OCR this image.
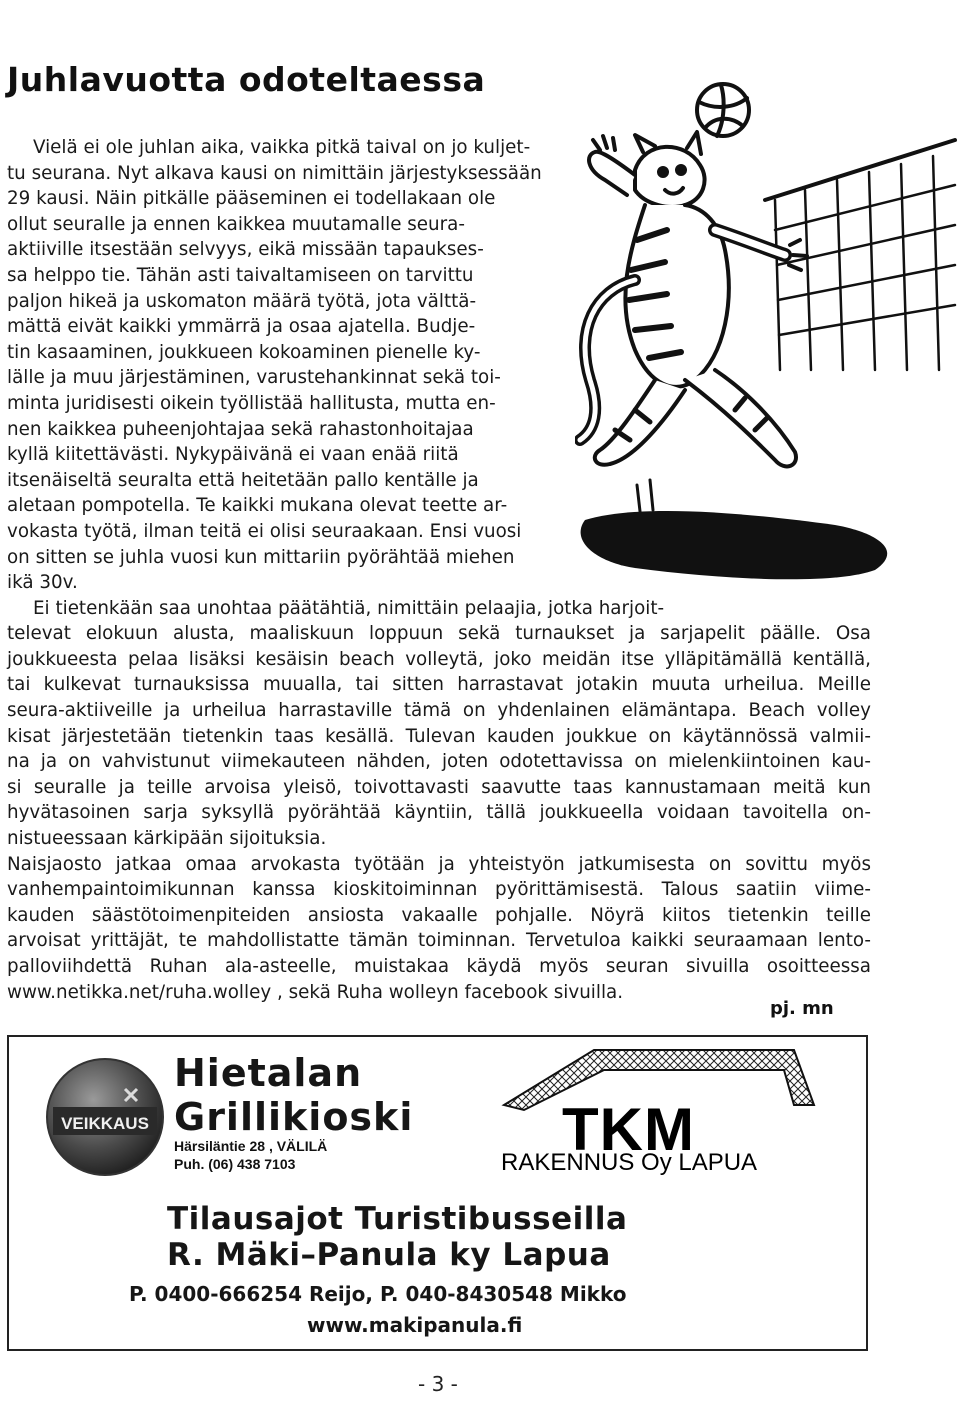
Juhlavuotta odoteltaessa
Vielä ei ole juhlan aika, vaikka pitkä taival on jo kuljet-
tu seurana. Nyt alkava kausi on nimittäin järjestyksessään
29 kausi. Näin pitkälle pääseminen ei todellakaan ole
ollut seuralle ja ennen kaikkea muutamalle seura-
aktiiville itsestään selvyys, eikä missään tapaukses-
sa helppo tie. Tähän asti taivaltamiseen on tarvittu
paljon hikeä ja uskomaton määrä työtä, jota välttä-
mättä eivät kaikki ymmärrä ja osaa ajatella. Budje-
tin kasaaminen, joukkueen kokoaminen pienelle ky-
lälle ja muu järjestäminen, varustehankinnat sekä toi-
minta juridisesti oikein työllistää hallitusta, mutta en-
nen kaikkea puheenjohtajaa sekä rahastonhoitajaa
kyllä kiitettävästi. Nykypäivänä ei vaan enää riitä
itsenäiseltä seuralta että heitetään pallo kentälle ja
aletaan pompotella. Te kaikki mukana olevat teette ar-
vokasta työtä, ilman teitä ei olisi seuraakaan. Ensi vuosi
on sitten se juhla vuosi kun mittariin pyörähtää miehen
ikä 30v.
Ei tietenkään saa unohtaa päätähtiä, nimittäin pelaajia, jotka harjoit-
televat elokuun alusta, maaliskuun loppuun sekä turnaukset ja sarjapelit päälle. Osa
joukkueesta pelaa lisäksi kesäisin beach volleytä, joko meidän itse ylläpitämällä kentällä,
tai kulkevat turnauksissa muualla, tai sitten harrastavat jotakin muuta urheilua. Meille
seura-aktiiveille ja urheilua harrastaville tämä on yhdenlainen elämäntapa. Beach volley
kisat järjestetään tietenkin taas kesällä. Tulevan kauden joukkue on käytännössä valmii-
na ja on vahvistunut viimekauteen nähden, joten odotettavissa on mielenkiintoinen kau-
si seuralle ja teille arvoisa yleisö, toivottavasti saavutte taas kannustamaan meitä kun
hyvätasoinen sarja syksyllä pyörähtää käyntiin, tällä joukkueella voidaan tavoitella on-
nistueessaan kärkipään sijoituksia.
Naisjaosto jatkaa omaa arvokasta työtään ja yhteistyön jatkumisesta on sovittu myös
vanhempaintoimikunnan kanssa kioskitoiminnan pyörittämisestä. Talous saatiin viime-
kauden säästötoimenpiteiden ansiosta vakaalle pohjalle. Nöyrä kiitos tietenkin teille
arvoisat yrittäjät, te mahdollistatte tämän toiminnan. Tervetuloa kaikki seuraamaan lento-
palloviihdettä Ruhan ala-asteelle, muistakaa käydä myös seuran sivuilla osoitteessa
www.netikka.net/ruha.wolley , sekä Ruha wolleyn facebook sivuilla.
pj. mn
VEIKKAUS
Hietalan
Grillikioski
Härsiläntie 28 , VÄLILÄ
Puh. (06) 438 7103
TKM
RAKENNUS Oy LAPUA
Tilausajot Turistibusseilla
R. Mäki–Panula ky Lapua
P. 0400-666254 Reijo, P. 040-8430548 Mikko
www.makipanula.fi
- 3 -
